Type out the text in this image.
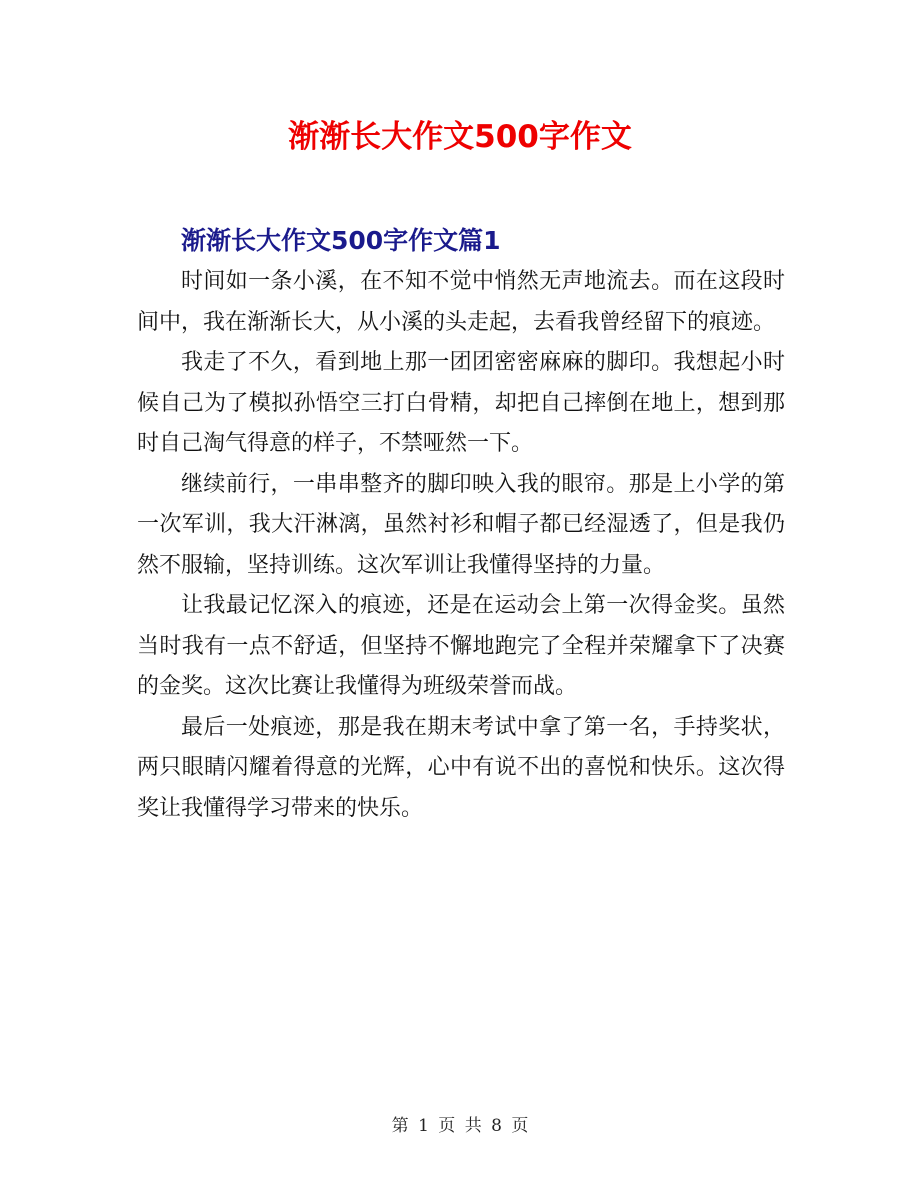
渐渐长大作文500字作文
渐渐长大作文500字作文篇1

时间如一条小溪，在不知不觉中悄然无声地流去。而在这段时间中，我在渐渐长大，从小溪的头走起，去看我曾经留下的痕迹。

我走了不久，看到地上那一团团密密麻麻的脚印。我想起小时候自己为了模拟孙悟空三打白骨精，却把自己摔倒在地上，想到那时自己淘气得意的样子，不禁哑然一下。

继续前行，一串串整齐的脚印映入我的眼帘。那是上小学的第一次军训，我大汗淋漓，虽然衬衫和帽子都已经湿透了，但是我仍然不服输，坚持训练。这次军训让我懂得坚持的力量。

让我最记忆深入的痕迹，还是在运动会上第一次得金奖。虽然当时我有一点不舒适，但坚持不懈地跑完了全程并荣耀拿下了决赛的金奖。这次比赛让我懂得为班级荣誉而战。

最后一处痕迹，那是我在期末考试中拿了第一名，手持奖状，两只眼睛闪耀着得意的光辉，心中有说不出的喜悦和快乐。这次得奖让我懂得学习带来的快乐。

第 1 页 共 8 页
